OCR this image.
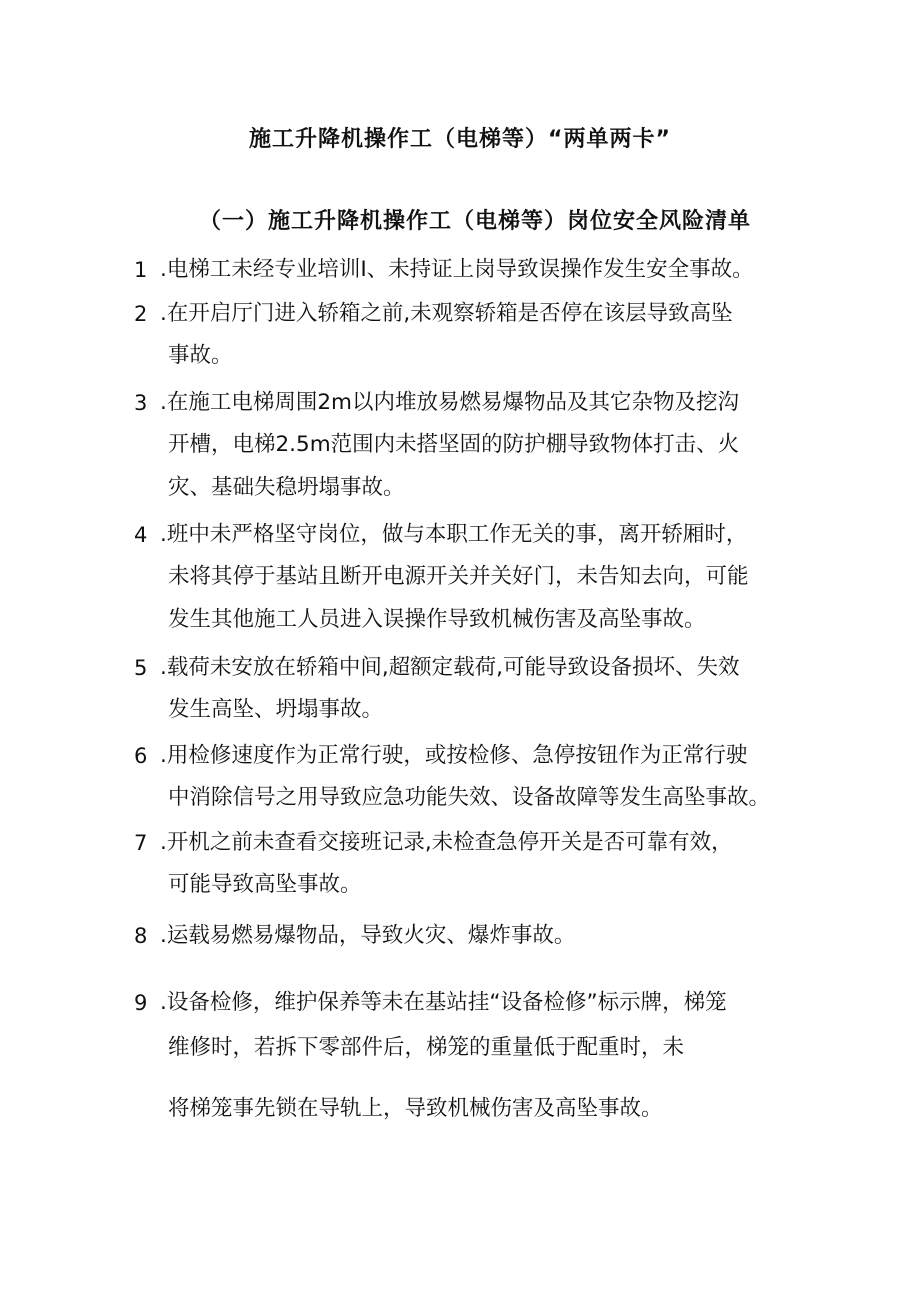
施工升降机操作工（电梯等）“两单两卡”
（一）施工升降机操作工（电梯等）岗位安全风险清单
1 .电梯工未经专业培训I、未持证上岗导致误操作发生安全事故。
2 .在开启厅门进入轿箱之前,未观察轿箱是否停在该层导致高坠
事故。
3 .在施工电梯周围2m以内堆放易燃易爆物品及其它杂物及挖沟
开槽，电梯2.5m范围内未搭坚固的防护棚导致物体打击、火
灾、基础失稳坍塌事故。
4 .班中未严格坚守岗位，做与本职工作无关的事，离开轿厢时，
未将其停于基站且断开电源开关并关好门，未告知去向，可能
发生其他施工人员进入误操作导致机械伤害及高坠事故。
5 .载荷未安放在轿箱中间,超额定载荷,可能导致设备损坏、失效
发生高坠、坍塌事故。
6 .用检修速度作为正常行驶，或按检修、急停按钮作为正常行驶
中消除信号之用导致应急功能失效、设备故障等发生高坠事故。
7 .开机之前未查看交接班记录,未检查急停开关是否可靠有效，
可能导致高坠事故。
8 .运载易燃易爆物品，导致火灾、爆炸事故。
9 .设备检修，维护保养等未在基站挂“设备检修”标示牌，梯笼
维修时，若拆下零部件后，梯笼的重量低于配重时，未
将梯笼事先锁在导轨上，导致机械伤害及高坠事故。
